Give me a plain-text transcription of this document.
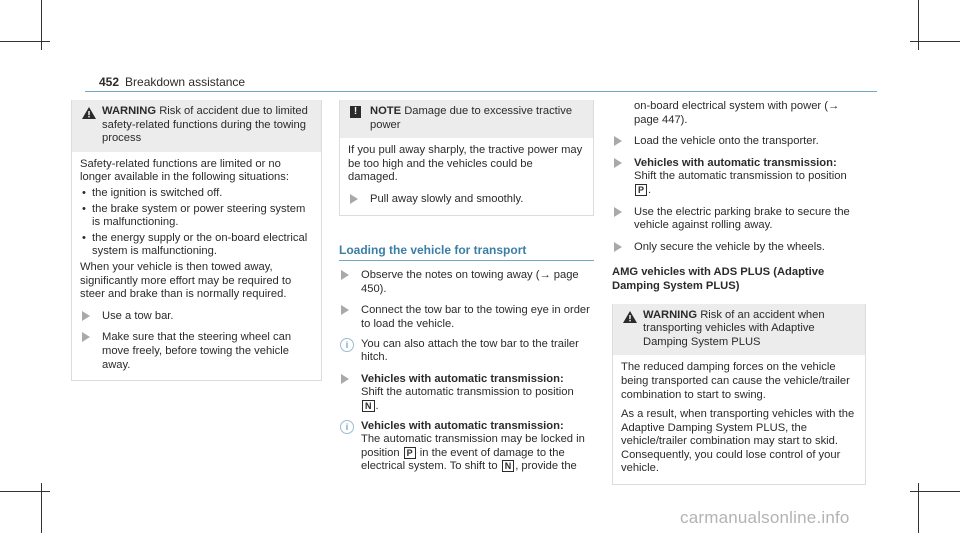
452 Breakdown assistance
WARNING Risk of accident due to limited safety-related functions during the towing process

Safety-related functions are limited or no longer available in the following situations:

• the ignition is switched off.
• the brake system or power steering system is malfunctioning.
• the energy supply or the on-board electrical system is malfunctioning.

When your vehicle is then towed away, significantly more effort may be required to steer and brake than is normally required.

Use a tow bar.
Make sure that the steering wheel can move freely, before towing the vehicle away.
!	NOTE Damage due to excessive tractive power

If you pull away sharply, the tractive power may be too high and the vehicles could be damaged.

Pull away slowly and smoothly.

Loading the vehicle for transport

Observe the notes on towing away (→ page 450).
Connect the tow bar to the towing eye in order to load the vehicle.
i	You can also attach the tow bar to the trailer hitch.
Vehicles with automatic transmission:
Shift the automatic transmission to position
N .
i	Vehicles with automatic transmission:
The automatic transmission may be locked in position P in the event of damage to the electrical system. To shift to N , provide the

on-board electrical system with power (→ page 447).

Load the vehicle onto the transporter.
Vehicles with automatic transmission:
Shift the automatic transmission to position
P .
Use the electric parking brake to secure the vehicle against rolling away.
Only secure the vehicle by the wheels.

AMG vehicles with ADS PLUS (Adaptive Damping System PLUS)

WARNING Risk of an accident when transporting vehicles with Adaptive Damping System PLUS

The reduced damping forces on the vehicle being transported can cause the vehicle/trailer combination to start to swing.

As a result, when transporting vehicles with the Adaptive Damping System PLUS, the vehicle/trailer combination may start to skid. Consequently, you could lose control of your vehicle.

carmanualsonline.info
